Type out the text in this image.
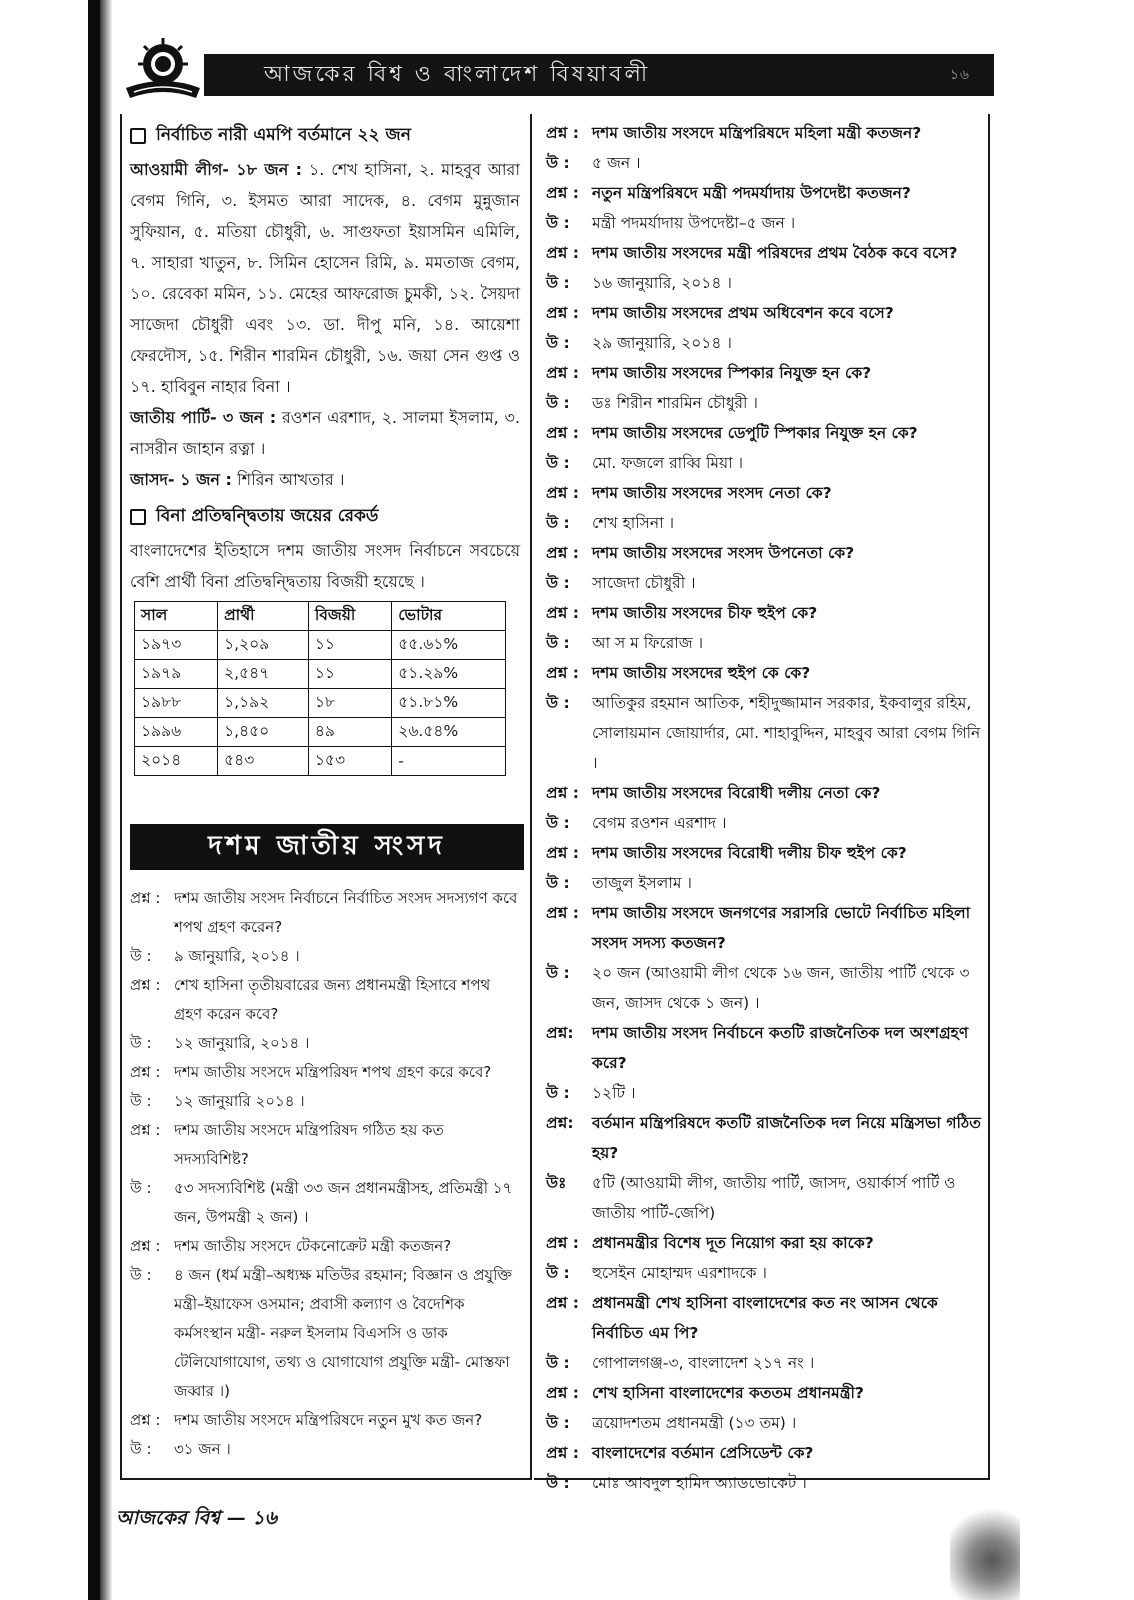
আজকের বিশ্ব ও বাংলাদেশ বিষয়াবলী	১৬
নির্বাচিত নারী এমপি বর্তমানে ২২ জন
আওয়ামী লীগ- ১৮ জন : ১. শেখ হাসিনা, ২. মাহবুব আরা বেগম গিনি, ৩. ইসমত আরা সাদেক, ৪. বেগম মুন্নুজান সুফিয়ান, ৫. মতিয়া চৌধুরী, ৬. সাগুফতা ইয়াসমিন এমিলি, ৭. সাহারা খাতুন, ৮. সিমিন হোসেন রিমি, ৯. মমতাজ বেগম, ১০. রেবেকা মমিন, ১১. মেহের আফরোজ চুমকী, ১২. সৈয়দা সাজেদা চৌধুরী এবং ১৩. ডা. দীপু মনি, ১৪. আয়েশা ফেরদৌস, ১৫. শিরীন শারমিন চৌধুরী, ১৬. জয়া সেন গুপ্ত ও ১৭. হাবিবুন নাহার বিনা ।
জাতীয় পার্টি- ৩ জন : রওশন এরশাদ, ২. সালমা ইসলাম, ৩. নাসরীন জাহান রত্না ।
জাসদ- ১ জন : শিরিন আখতার ।
বিনা প্রতিদ্বন্দ্বিতায় জয়ের রেকর্ড
বাংলাদেশের ইতিহাসে দশম জাতীয় সংসদ নির্বাচনে সবচেয়ে বেশি প্রার্থী বিনা প্রতিদ্বন্দ্বিতায় বিজয়ী হয়েছে ।
সাল	প্রার্থী	বিজয়ী	ভোটার
১৯৭৩	১,২০৯	১১	৫৫.৬১%
১৯৭৯	২,৫৪৭	১১	৫১.২৯%
১৯৮৮	১,১৯২	১৮	৫১.৮১%
১৯৯৬	১,৪৫০	৪৯	২৬.৫৪%
২০১৪	৫৪৩	১৫৩	-
দশম জাতীয় সংসদ
প্রশ্ন : দশম জাতীয় সংসদ নির্বাচনে নির্বাচিত সংসদ সদস্যগণ কবে শপথ গ্রহণ করেন?
উ :	৯ জানুয়ারি, ২০১৪ ।
প্রশ্ন : শেখ হাসিনা তৃতীয়বারের জন্য প্রধানমন্ত্রী হিসাবে শপথ গ্রহণ করেন কবে?
উ :	১২ জানুয়ারি, ২০১৪ ।
প্রশ্ন : দশম জাতীয় সংসদে মন্ত্রিপরিষদ শপথ গ্রহণ করে কবে?
উ :	১২ জানুয়ারি ২০১৪ ।
প্রশ্ন : দশম জাতীয় সংসদে মন্ত্রিপরিষদ গঠিত হয় কত সদস্যবিশিষ্ট?
উ :	৫৩ সদস্যবিশিষ্ট (মন্ত্রী ৩৩ জন প্রধানমন্ত্রীসহ, প্রতিমন্ত্রী ১৭ জন, উপমন্ত্রী ২ জন) ।
প্রশ্ন : দশম জাতীয় সংসদে টেকনোক্রেট মন্ত্রী কতজন?
উ :	৪ জন (ধর্ম মন্ত্রী–অধ্যক্ষ মতিউর রহমান; বিজ্ঞান ও প্রযুক্তি মন্ত্রী–ইয়াফেস ওসমান; প্রবাসী কল্যাণ ও বৈদেশিক কর্মসংস্থান মন্ত্রী- নরুল ইসলাম বিএসসি ও ডাক টেলিযোগাযোগ, তথ্য ও যোগাযোগ প্রযুক্তি মন্ত্রী- মোস্তফা জব্বার ।)
প্রশ্ন : দশম জাতীয় সংসদে মন্ত্রিপরিষদে নতুন মুখ কত জন?
উ :	৩১ জন ।
প্রশ্ন : দশম জাতীয় সংসদে মন্ত্রিপরিষদে মহিলা মন্ত্রী কতজন?
উ :	৫ জন ।
প্রশ্ন : নতুন মন্ত্রিপরিষদে মন্ত্রী পদমর্যাদায় উপদেষ্টা কতজন?
উ :	মন্ত্রী পদমর্যাদায় উপদেষ্টা–৫ জন ।
প্রশ্ন : দশম জাতীয় সংসদের মন্ত্রী পরিষদের প্রথম বৈঠক কবে বসে?
উ :	১৬ জানুয়ারি, ২০১৪ ।
প্রশ্ন : দশম জাতীয় সংসদের প্রথম অধিবেশন কবে বসে?
উ :	২৯ জানুয়ারি, ২০১৪ ।
প্রশ্ন : দশম জাতীয় সংসদের স্পিকার নিযুক্ত হন কে?
উ :	ডঃ শিরীন শারমিন চৌধুরী ।
প্রশ্ন : দশম জাতীয় সংসদের ডেপুটি স্পিকার নিযুক্ত হন কে?
উ :	মো. ফজলে রাব্বি মিয়া ।
প্রশ্ন : দশম জাতীয় সংসদের সংসদ নেতা কে?
উ :	শেখ হাসিনা ।
প্রশ্ন : দশম জাতীয় সংসদের সংসদ উপনেতা কে?
উ :	সাজেদা চৌধুরী ।
প্রশ্ন : দশম জাতীয় সংসদের চীফ হুইপ কে?
উ :	আ স ম ফিরোজ ।
প্রশ্ন : দশম জাতীয় সংসদের হুইপ কে কে?
উ :	আতিকুর রহমান আতিক, শহীদুজ্জামান সরকার, ইকবালুর রহিম, সোলায়মান জোয়ার্দার, মো. শাহাবুদ্দিন, মাহবুব আরা বেগম গিনি ।
প্রশ্ন : দশম জাতীয় সংসদের বিরোধী দলীয় নেতা কে?
উ :	বেগম রওশন এরশাদ ।
প্রশ্ন : দশম জাতীয় সংসদের বিরোধী দলীয় চীফ হুইপ কে?
উ :	তাজুল ইসলাম ।
প্রশ্ন : দশম জাতীয় সংসদে জনগণের সরাসরি ভোটে নির্বাচিত মহিলা সংসদ সদস্য কতজন?
উ :	২০ জন (আওয়ামী লীগ থেকে ১৬ জন, জাতীয় পার্টি থেকে ৩ জন, জাসদ থেকে ১ জন) ।
প্রশ্ন:	দশম জাতীয় সংসদ নির্বাচনে কতটি রাজনৈতিক দল অংশগ্রহণ করে?
উ :	১২টি ।
প্রশ্ন:	বর্তমান মন্ত্রিপরিষদে কতটি রাজনৈতিক দল নিয়ে মন্ত্রিসভা গঠিত হয়?
উঃ	৫টি (আওয়ামী লীগ, জাতীয় পার্টি, জাসদ, ওয়ার্কার্স পার্টি ও জাতীয় পার্টি-জেপি)
প্রশ্ন : প্রধানমন্ত্রীর বিশেষ দূত নিয়োগ করা হয় কাকে?
উ :	হুসেইন মোহাম্মদ এরশাদকে ।
প্রশ্ন : প্রধানমন্ত্রী শেখ হাসিনা বাংলাদেশের কত নং আসন থেকে নির্বাচিত এম পি?
উ :	গোপালগঞ্জ-৩, বাংলাদেশ ২১৭ নং ।
প্রশ্ন : শেখ হাসিনা বাংলাদেশের কততম প্রধানমন্ত্রী?
উ :	ত্রয়োদশতম প্রধানমন্ত্রী (১৩ তম) ।
প্রশ্ন : বাংলাদেশের বর্তমান প্রেসিডেন্ট কে?
উ :	মোঃ আবদুল হামিদ অ্যাডভোকেট ।
আজকের বিশ্ব — ১৬
